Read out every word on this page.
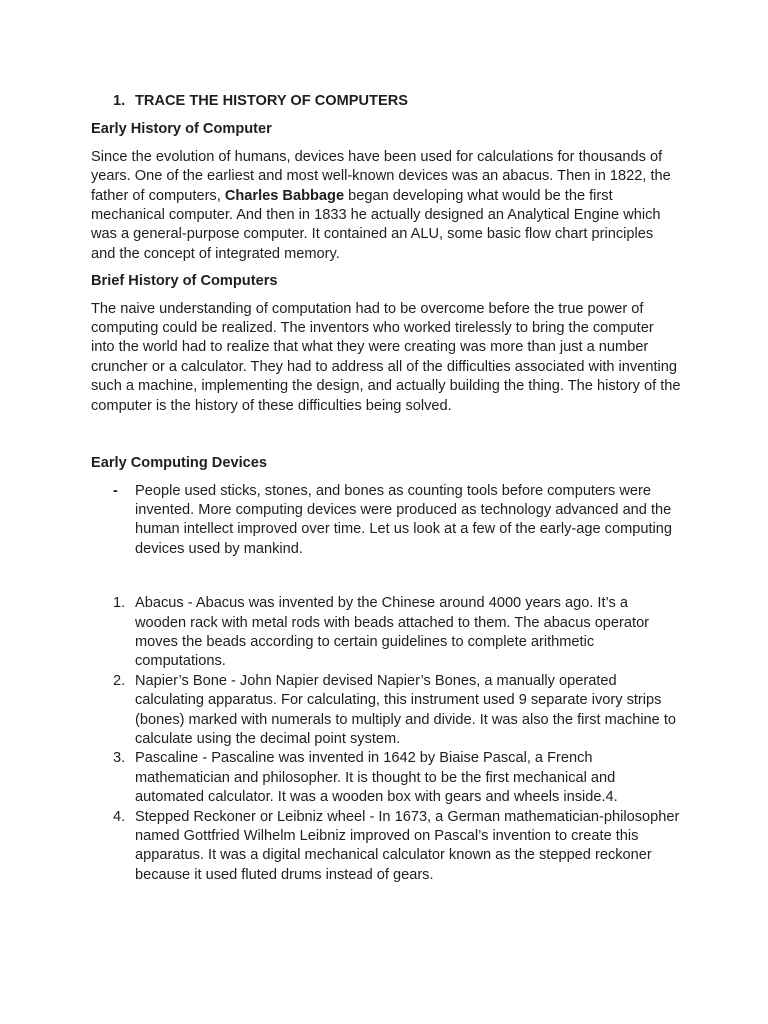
1. TRACE THE HISTORY OF COMPUTERS
Early History of Computer

Since the evolution of humans, devices have been used for calculations for thousands of years. One of the earliest and most well-known devices was an abacus. Then in 1822, the father of computers, Charles Babbage began developing what would be the first mechanical computer. And then in 1833 he actually designed an Analytical Engine which was a general-purpose computer. It contained an ALU, some basic flow chart principles and the concept of integrated memory.

Brief History of Computers

The naive understanding of computation had to be overcome before the true power of computing could be realized. The inventors who worked tirelessly to bring the computer into the world had to realize that what they were creating was more than just a number cruncher or a calculator. They had to address all of the difficulties associated with inventing such a machine, implementing the design, and actually building the thing. The history of the computer is the history of these difficulties being solved.

Early Computing Devices
-	People used sticks, stones, and bones as counting tools before computers were invented. More computing devices were produced as technology advanced and the human intellect improved over time. Let us look at a few of the early-age computing devices used by mankind.
1. Abacus - Abacus was invented by the Chinese around 4000 years ago. It’s a wooden rack with metal rods with beads attached to them. The abacus operator moves the beads according to certain guidelines to complete arithmetic computations.
2. Napier’s Bone - John Napier devised Napier’s Bones, a manually operated calculating apparatus. For calculating, this instrument used 9 separate ivory strips (bones) marked with numerals to multiply and divide. It was also the first machine to calculate using the decimal point system.
3. Pascaline - Pascaline was invented in 1642 by Biaise Pascal, a French mathematician and philosopher. It is thought to be the first mechanical and automated calculator. It was a wooden box with gears and wheels inside.4.
4. Stepped Reckoner or Leibniz wheel - In 1673, a German mathematician-philosopher named Gottfried Wilhelm Leibniz improved on Pascal’s invention to create this apparatus. It was a digital mechanical calculator known as the stepped reckoner because it used fluted drums instead of gears.
